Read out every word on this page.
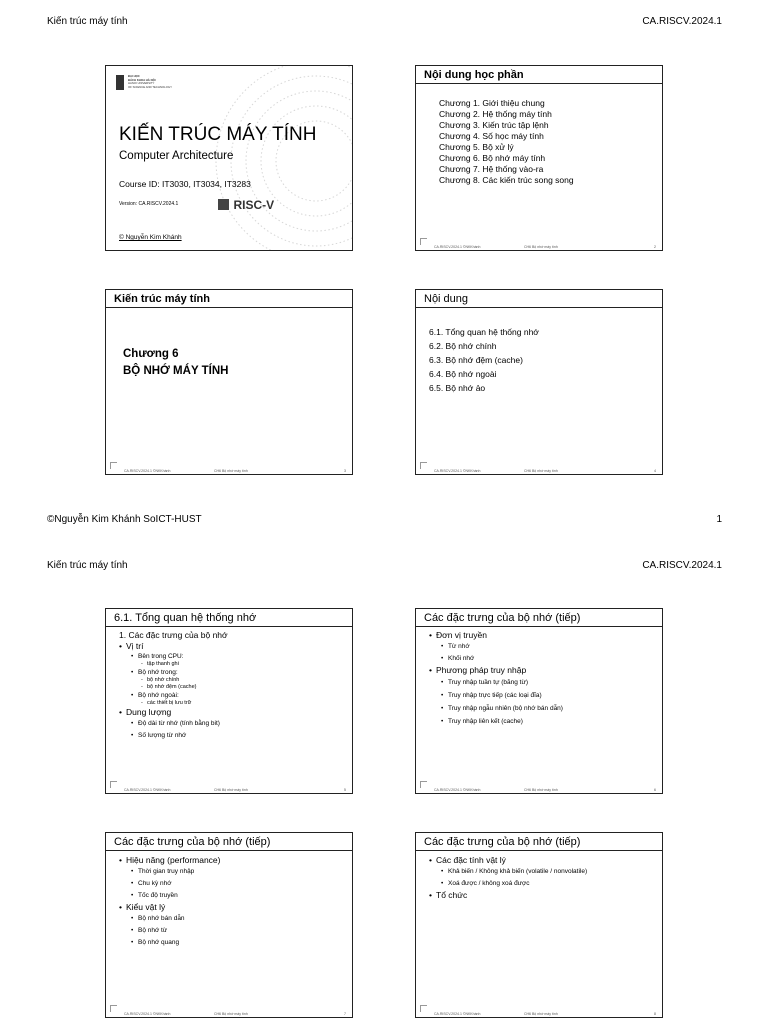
Kiến trúc máy tính	CA.RISCV.2024.1
ĐẠI HỌC
BÁCH KHOA HÀ NỘI
HANOI UNIVERSITY
OF SCIENCE AND TECHNOLOGY
KIẾN TRÚC MÁY TÍNH
Computer Architecture
Course ID: IT3030, IT3034, IT3283
Version: CA.RISCV.2024.1	RISC-V
© Nguyễn Kim Khánh
Nội dung học phần
Chương 1. Giới thiệu chung
Chương 2. Hệ thống máy tính
Chương 3. Kiến trúc tập lệnh
Chương 4. Số học máy tính
Chương 5. Bộ xử lý
Chương 6. Bộ nhớ máy tính
Chương 7. Hệ thống vào-ra
Chương 8. Các kiến trúc song song
CA.RISCV.2024.1 ©NKKhánh	CH6 Bộ nhớ máy tính	2
Kiến trúc máy tính
Chương 6
BỘ NHỚ MÁY TÍNH
CA.RISCV.2024.1 ©NKKhánh	CH6 Bộ nhớ máy tính	3
Nội dung
6.1. Tổng quan hệ thống nhớ
6.2. Bộ nhớ chính
6.3. Bộ nhớ đệm (cache)
6.4. Bộ nhớ ngoài
6.5. Bộ nhớ ảo
CA.RISCV.2024.1 ©NKKhánh	CH6 Bộ nhớ máy tính	4
©Nguyễn Kim Khánh SoICT-HUST	1
Kiến trúc máy tính	CA.RISCV.2024.1
6.1. Tổng quan hệ thống nhớ
1. Các đặc trưng của bộ nhớ
• Vị trí
• Bên trong CPU:
- tập thanh ghi
• Bộ nhớ trong:
- bộ nhớ chính
- bộ nhớ đệm (cache)
• Bộ nhớ ngoài:
- các thiết bị lưu trữ
• Dung lượng
• Độ dài từ nhớ (tính bằng bit)
• Số lượng từ nhớ
CA.RISCV.2024.1 ©NKKhánh	CH6 Bộ nhớ máy tính	5
Các đặc trưng của bộ nhớ (tiếp)
• Đơn vị truyền
• Từ nhớ
• Khối nhớ
• Phương pháp truy nhập
• Truy nhập tuần tự (băng từ)
• Truy nhập trực tiếp (các loại đĩa)
• Truy nhập ngẫu nhiên (bộ nhớ bán dẫn)
• Truy nhập liên kết (cache)
CA.RISCV.2024.1 ©NKKhánh	CH6 Bộ nhớ máy tính	6
Các đặc trưng của bộ nhớ (tiếp)
• Hiệu năng (performance)
• Thời gian truy nhập
• Chu kỳ nhớ
• Tốc độ truyền
• Kiểu vật lý
• Bộ nhớ bán dẫn
• Bộ nhớ từ
• Bộ nhớ quang
CA.RISCV.2024.1 ©NKKhánh	CH6 Bộ nhớ máy tính	7
Các đặc trưng của bộ nhớ (tiếp)
• Các đặc tính vật lý
• Khả biến / Không khả biến (volatile / nonvolatile)
• Xoá được / không xoá được
• Tổ chức
CA.RISCV.2024.1 ©NKKhánh	CH6 Bộ nhớ máy tính	8
